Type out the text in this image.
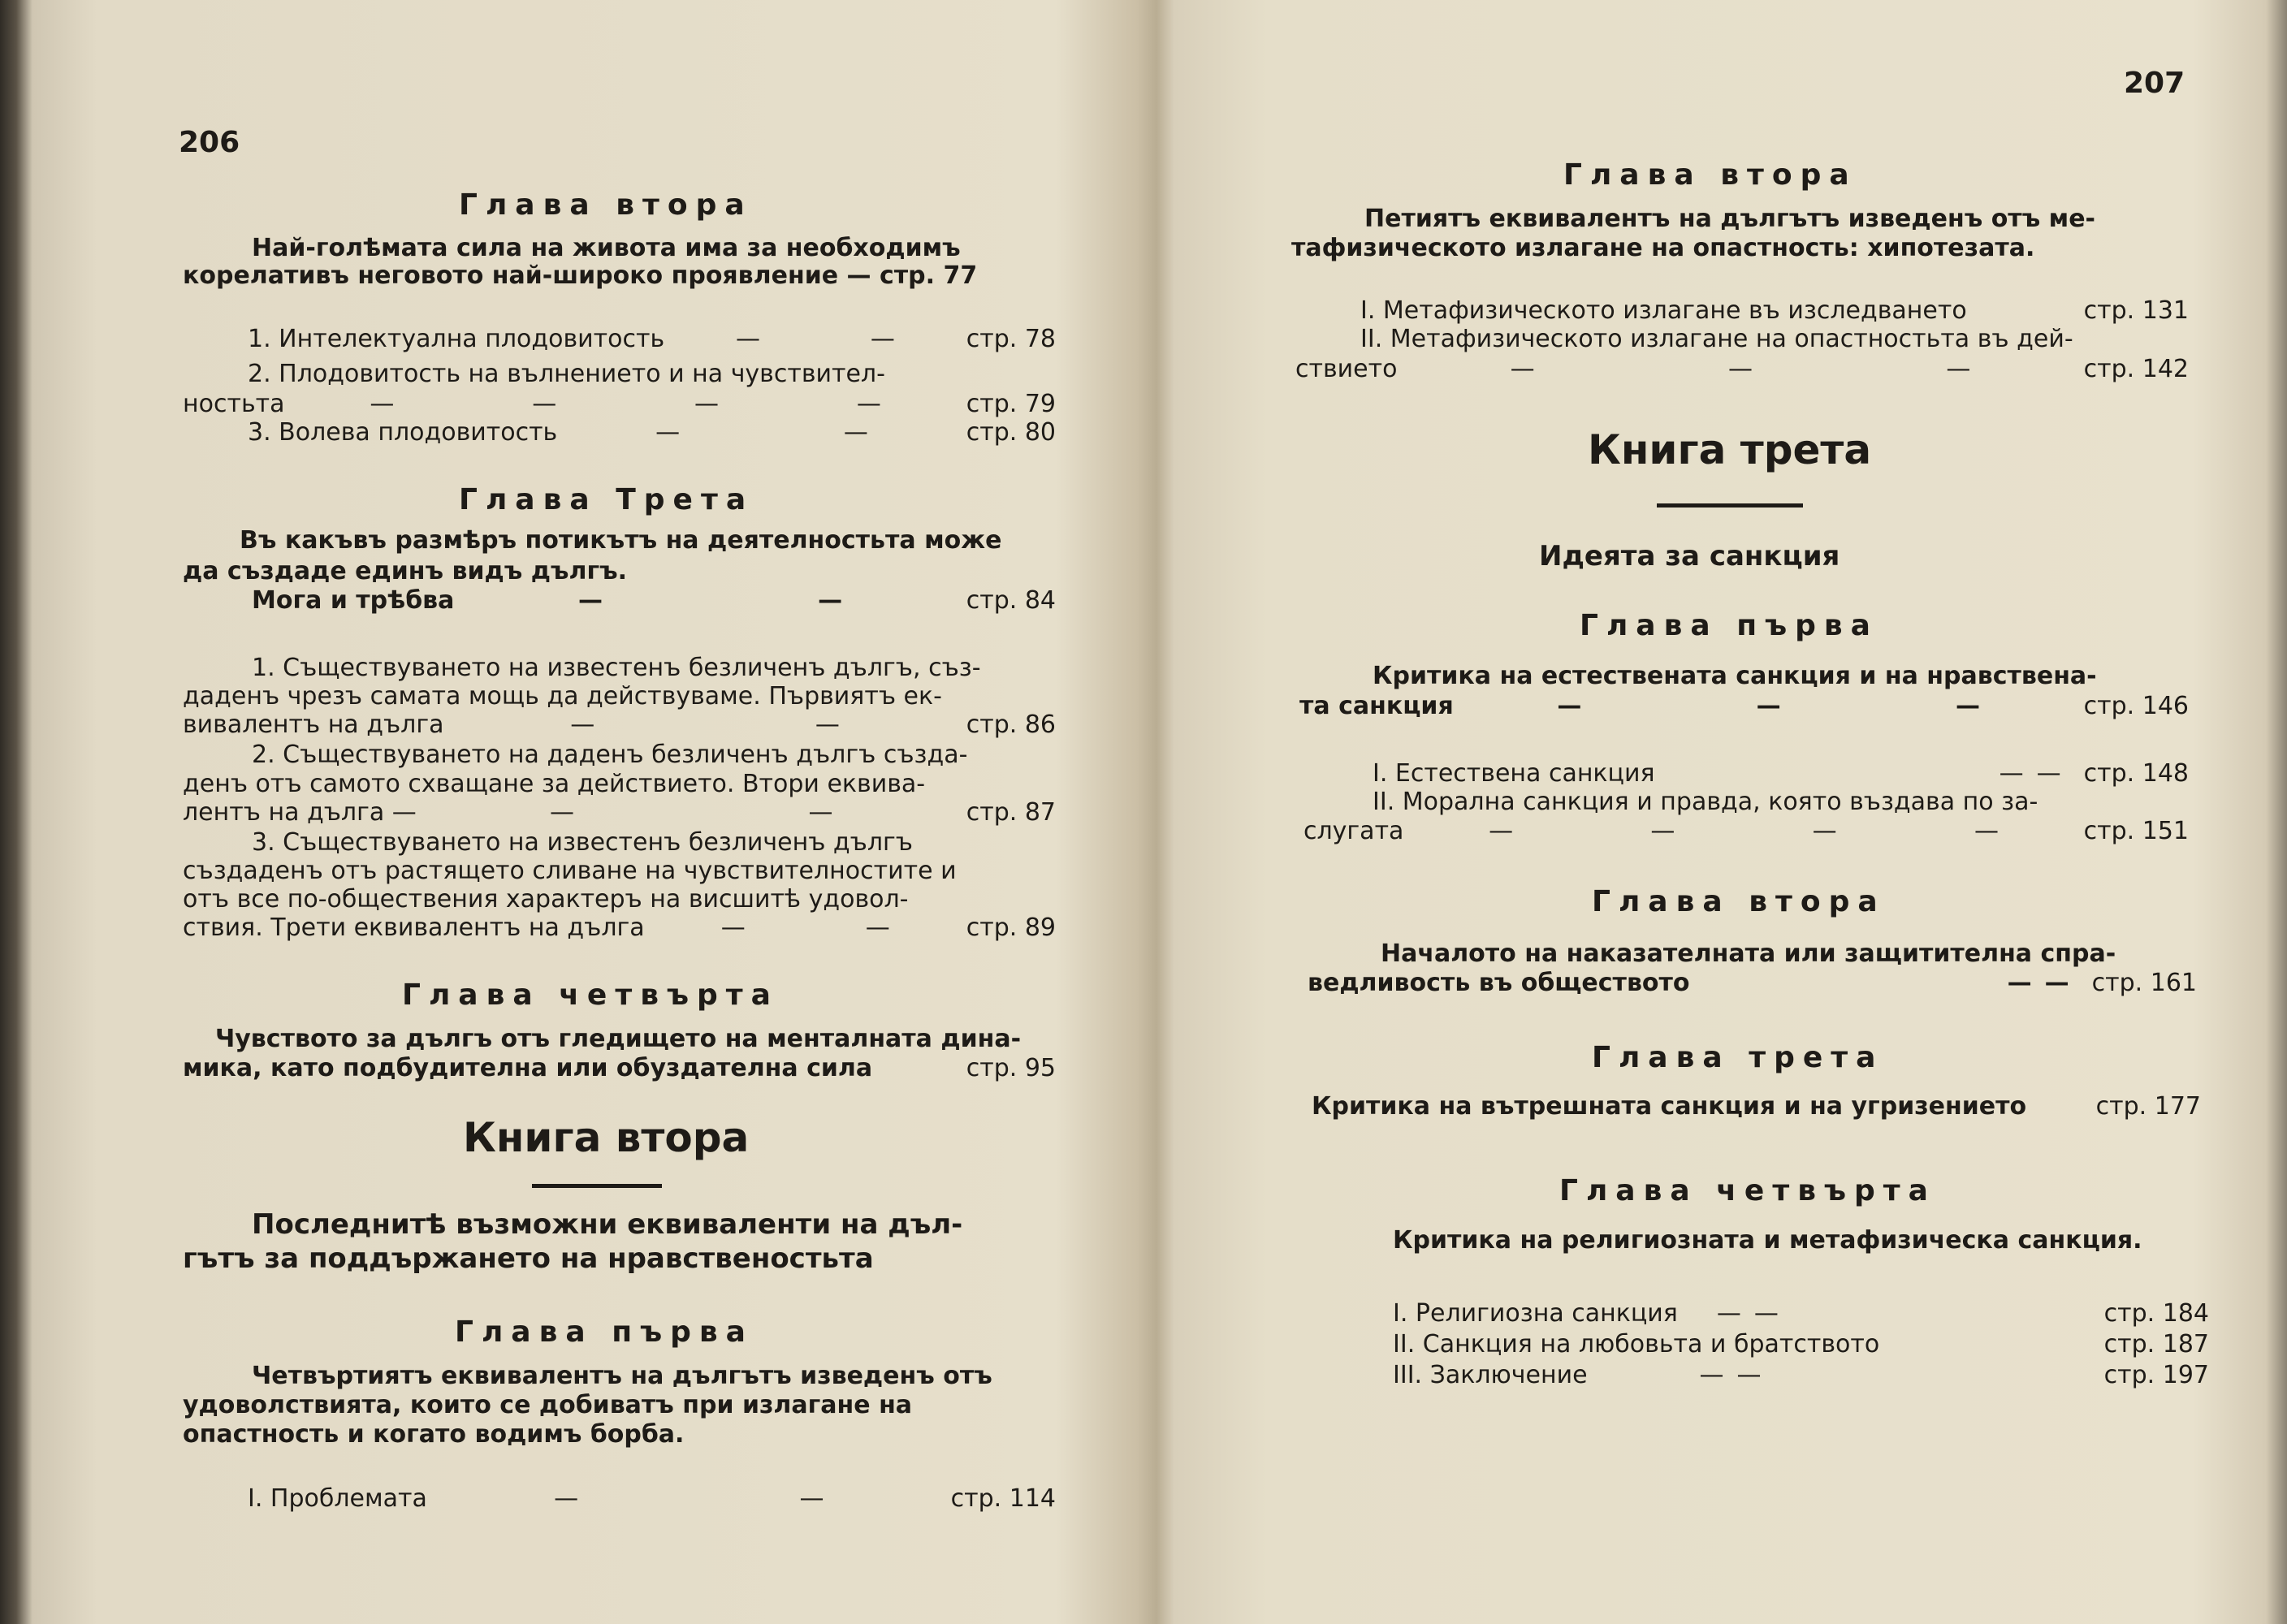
206
Глава втора
Най-голѣмата сила на живота има за необходимъ
корелативъ неговото най-широко проявление — стр. 77
1. Интелектуална плодовитость	—	—	стр. 78
2. Плодовитость на вълнението и на чувствител-
ностьта	—	—	—	—	стр. 79
3. Волева плодовитость	—	—	стр. 80
Глава Трета
Въ какъвъ размѣръ потикътъ на деятелностьта може
да създаде единъ видъ дългъ.
Мога и трѣбва	—	—	стр. 84
1. Съществуването на известенъ безличенъ дългъ, съз-
даденъ чрезъ самата мощь да действуваме. Първиятъ ек-
вивалентъ на дълга	—	—	стр. 86
2. Съществуването на даденъ безличенъ дългъ създа-
денъ отъ самото схващане за действието. Втори еквива-
лентъ на дълга —	—	—	стр. 87
3. Съществуването на известенъ безличенъ дългъ
създаденъ отъ растящето сливане на чувствителностите и
отъ все по-обществения характеръ на висшитѣ удовол-
ствия. Трети еквивалентъ на дълга	—	—	стр. 89
Глава четвърта
Чувството за дългъ отъ гледището на менталната дина-
мика, като подбудителна или обуздателна сила	стр. 95
Книга втора
Последнитѣ възможни еквиваленти на дъл-
гътъ за поддържането на нравственостьта
Глава първа
Четвъртиятъ еквивалентъ на дългътъ изведенъ отъ
удоволствията, които се добиватъ при излагане на
опастность и когато водимъ борба.
I. Проблемата	—	—	стр. 114
207
Глава втора
Петиятъ еквивалентъ на дългътъ изведенъ отъ ме-
тафизическото излагане на опастность: хипотезата.
I. Метафизическото излагане въ изследването	стр. 131
II. Метафизическото излагане на опастностьта въ дей-
ствието	—	—	—	стр. 142
Книга трета
Идеята за санкция
Глава първа
Критика на естествената санкция и на нравствена-
та санкция	—	—	—	стр. 146
I. Естествена санкция	— — стр. 148
II. Морална санкция и правда, която въздава по за-
слугата	—	—	—	—	стр. 151
Глава втора
Началото на наказателната или защитителна спра-
ведливость въ обществото	— — стр. 161
Глава трета
Критика на вътрешната санкция и на угризението	стр. 177
Глава четвърта
Критика на религиозната и метафизическа санкция.
I. Религиозна санкция — —	стр. 184
II. Санкция на любовьта и братството	стр. 187
III. Заключение	— —	стр. 197
